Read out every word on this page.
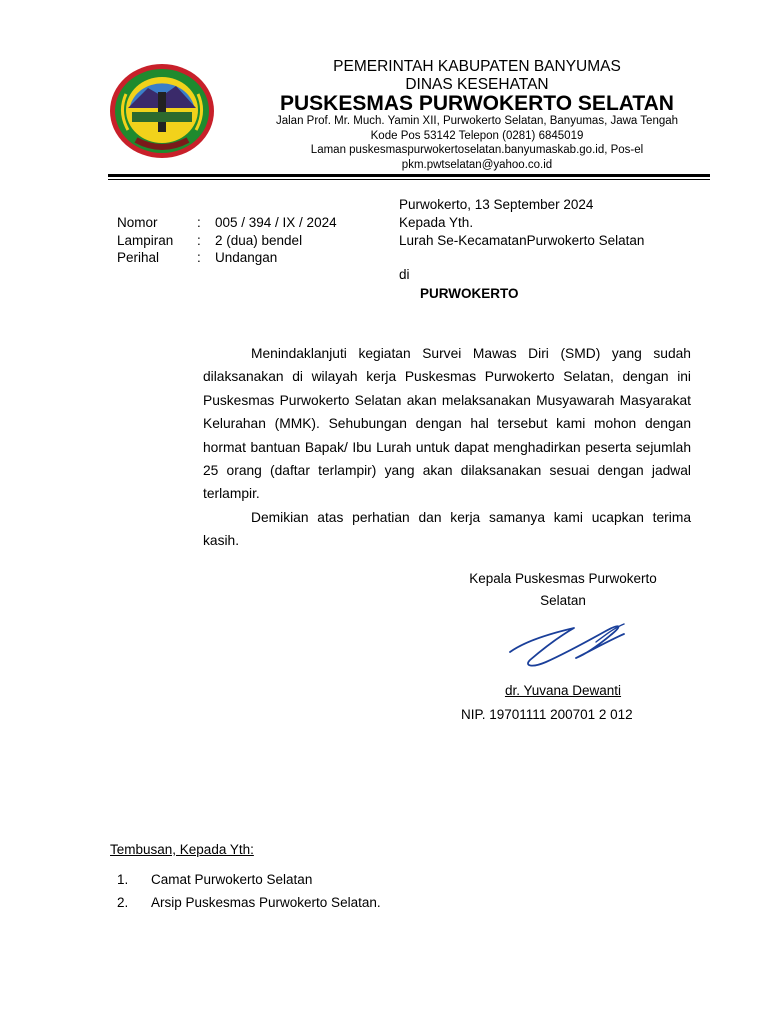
PEMERINTAH KABUPATEN BANYUMAS
DINAS KESEHATAN
PUSKESMAS PURWOKERTO SELATAN
Jalan Prof. Mr. Much. Yamin XII, Purwokerto Selatan, Banyumas, Jawa Tengah
Kode Pos 53142 Telepon (0281) 6845019
Laman puskesmaspurwokertoselatan.banyumaskab.go.id, Pos-el
pkm.pwtselatan@yahoo.co.id
Purwokerto, 13 September 2024
Kepada Yth.
Lurah Se-KecamatanPurwokerto Selatan
di
PURWOKERTO
Nomor	: 005 / 394 / IX / 2024
Lampiran : 2 (dua) bendel
Perihal	: Undangan

Menindaklanjuti kegiatan Survei Mawas Diri (SMD) yang sudah dilaksanakan di wilayah kerja Puskesmas Purwokerto Selatan, dengan ini Puskesmas Purwokerto Selatan akan melaksanakan Musyawarah Masyarakat Kelurahan (MMK). Sehubungan dengan hal tersebut kami mohon dengan hormat bantuan Bapak/ Ibu Lurah untuk dapat menghadirkan peserta sejumlah 25 orang (daftar terlampir) yang akan dilaksanakan sesuai dengan jadwal terlampir.

Demikian atas perhatian dan kerja samanya kami ucapkan terima kasih.

Kepala Puskesmas Purwokerto
Selatan
dr. Yuvana Dewanti
NIP. 19701111 200701 2 012
Tembusan, Kepada Yth:
1. Camat Purwokerto Selatan
2. Arsip Puskesmas Purwokerto Selatan.
